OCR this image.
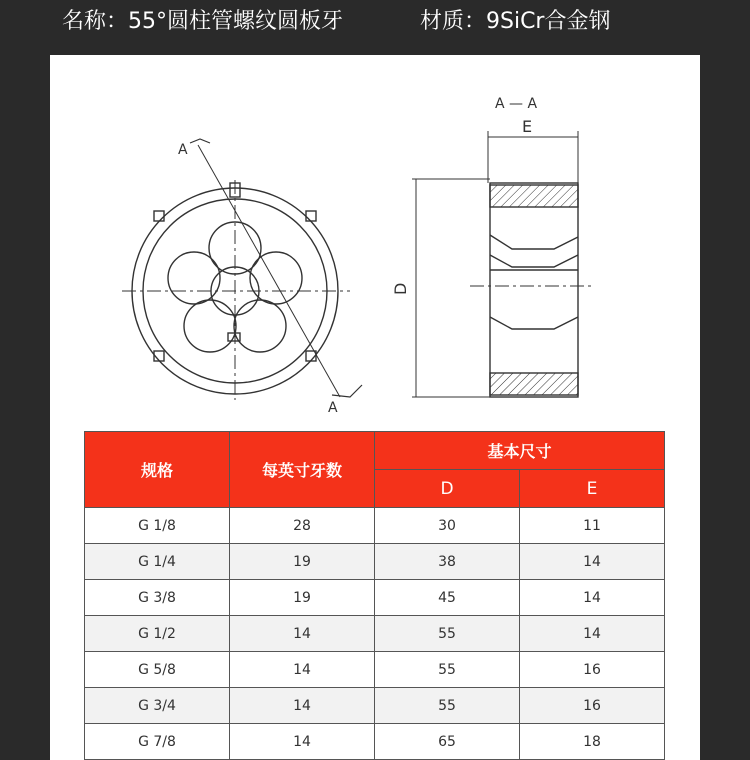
名称：55°圆柱管螺纹圆板牙	材质：9SiCr合金钢
A
A
A — A
E
D
规格	每英寸牙数	基本尺寸	
		D	E
G 1/8	28	30	11
G 1/4	19	38	14
G 3/8	19	45	14
G 1/2	14	55	14
G 5/8	14	55	16
G 3/4	14	55	16
G 7/8	14	65	18
